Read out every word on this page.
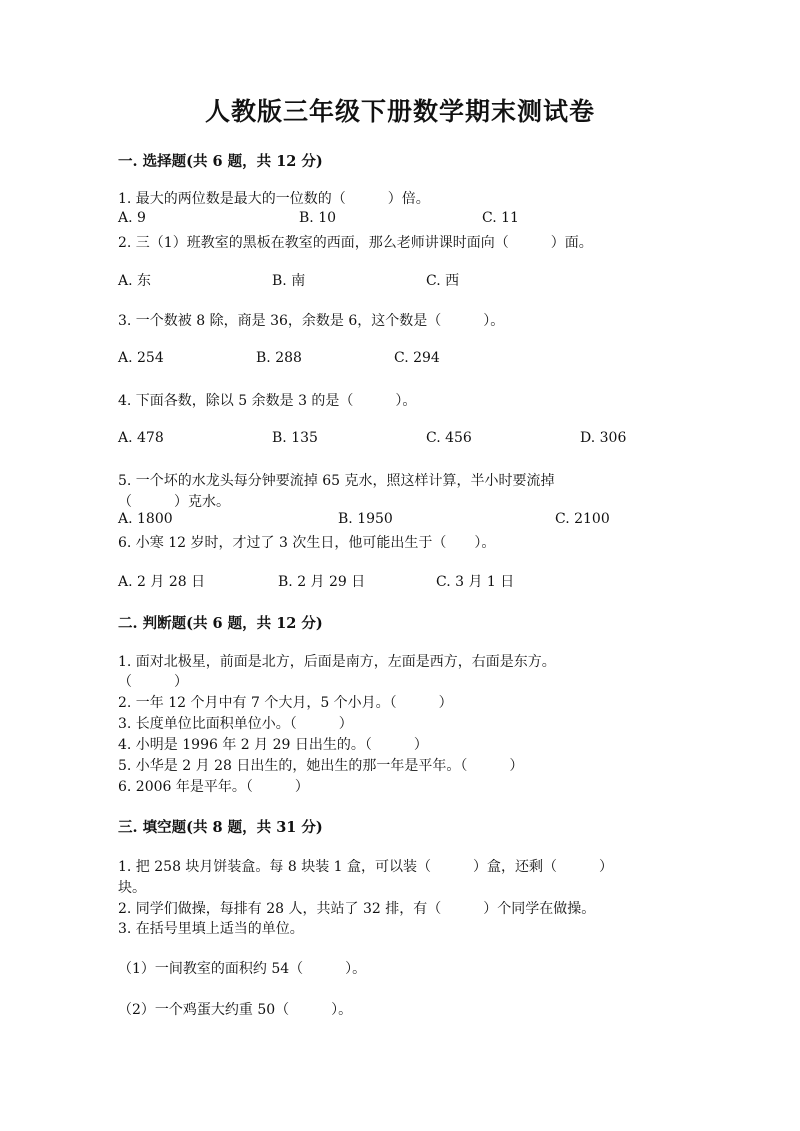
人教版三年级下册数学期末测试卷
一. 选择题(共 6 题，共 12 分)
1. 最大的两位数是最大的一位数的（　　　）倍。
A. 9	B. 10	C. 11
2. 三（1）班教室的黑板在教室的西面，那么老师讲课时面向（　　　）面。
A. 东	B. 南	C. 西
3. 一个数被 8 除，商是 36，余数是 6，这个数是（　　　）。
A. 254	B. 288	C. 294
4. 下面各数，除以 5 余数是 3 的是（　　　）。
A. 478	B. 135	C. 456	D. 306
5. 一个坏的水龙头每分钟要流掉 65 克水，照这样计算，半小时要流掉
（　　　）克水。
A. 1800	B. 1950	C. 2100
6. 小寒 12 岁时，才过了 3 次生日，他可能出生于（　　）。
A. 2 月 28 日	B. 2 月 29 日	C. 3 月 1 日
二. 判断题(共 6 题，共 12 分)
1. 面对北极星，前面是北方，后面是南方，左面是西方，右面是东方。
（　　　）
2. 一年 12 个月中有 7 个大月，5 个小月。（　　　）
3. 长度单位比面积单位小。（　　　）
4. 小明是 1996 年 2 月 29 日出生的。（　　　）
5. 小华是 2 月 28 日出生的，她出生的那一年是平年。（　　　）
6. 2006 年是平年。（　　　）
三. 填空题(共 8 题，共 31 分)
1. 把 258 块月饼装盒。每 8 块装 1 盒，可以装（　　　）盒，还剩（　　　）
块。
2. 同学们做操，每排有 28 人，共站了 32 排，有（　　　）个同学在做操。
3. 在括号里填上适当的单位。
（1）一间教室的面积约 54（　　　）。
（2）一个鸡蛋大约重 50（　　　）。
